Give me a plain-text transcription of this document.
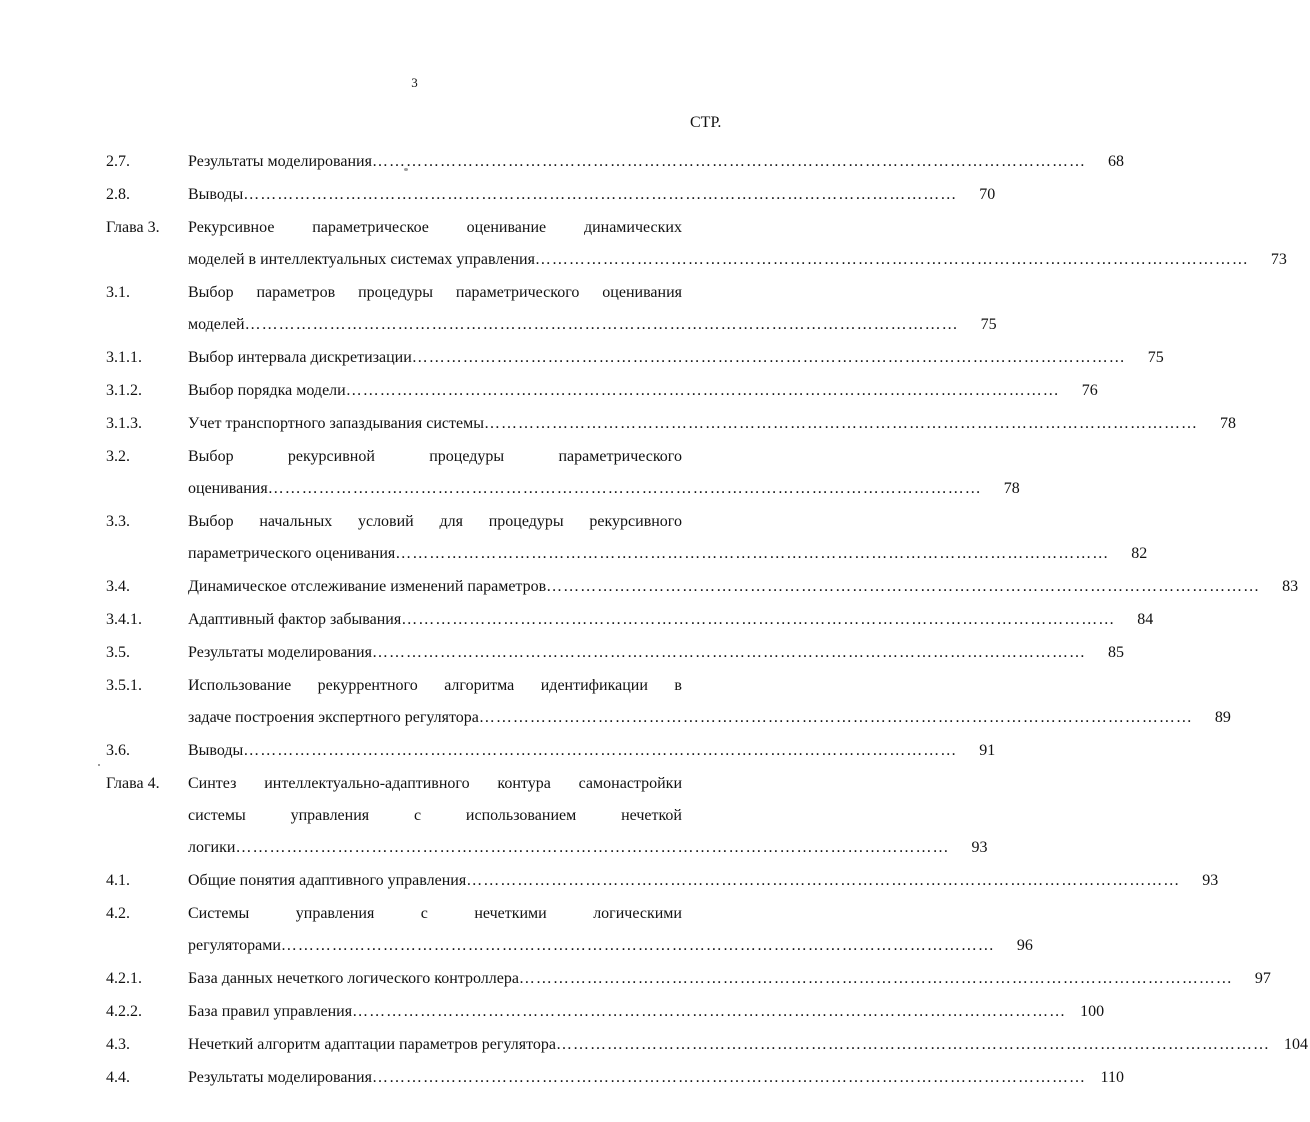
3
СТР.
2.7.	Результаты моделирования ………………………………………………………………………………………………………………	68
2.8.	Выводы ………………………………………………………………………………………………………………	70
Глава 3.	Рекурсивное параметрическое оценивание динамических
моделей в интеллектуальных системах управления ………………………………………………………………………………………………………………	73
3.1.	Выбор параметров процедуры параметрического оценивания
моделей ………………………………………………………………………………………………………………	75
3.1.1.	Выбор интервала дискретизации ………………………………………………………………………………………………………………	75
3.1.2.	Выбор порядка модели ………………………………………………………………………………………………………………	76
3.1.3.	Учет транспортного запаздывания системы ………………………………………………………………………………………………………………	78
3.2.	Выбор	рекурсивной	процедуры	параметрического
оценивания ………………………………………………………………………………………………………………	78
3.3.	Выбор начальных условий для процедуры рекурсивного
параметрического оценивания ………………………………………………………………………………………………………………	82
3.4.	Динамическое отслеживание изменений параметров ………………………………………………………………………………………………………………	83
3.4.1.	Адаптивный фактор забывания ………………………………………………………………………………………………………………	84
3.5.	Результаты моделирования ………………………………………………………………………………………………………………	85
3.5.1.	Использование рекуррентного алгоритма идентификации в
задаче построения экспертного регулятора ………………………………………………………………………………………………………………	89
3.6.	Выводы ………………………………………………………………………………………………………………	91
Глава 4.	Синтез интеллектуально-адаптивного контура самонастройки
системы	управления	с	использованием	нечеткой
логики ………………………………………………………………………………………………………………	93
4.1.	Общие понятия адаптивного управления ………………………………………………………………………………………………………………	93
4.2.	Системы	управления	с	нечеткими	логическими
регуляторами ………………………………………………………………………………………………………………	96
4.2.1.	База данных нечеткого логического контроллера ………………………………………………………………………………………………………………	97
4.2.2.	База правил управления ……………………………………………………………………………………………………………… 100
4.3.	Нечеткий алгоритм адаптации параметров регулятора ……………………………………………………………………………………………………………… 104
4.4.	Результаты моделирования ……………………………………………………………………………………………………………… 110
